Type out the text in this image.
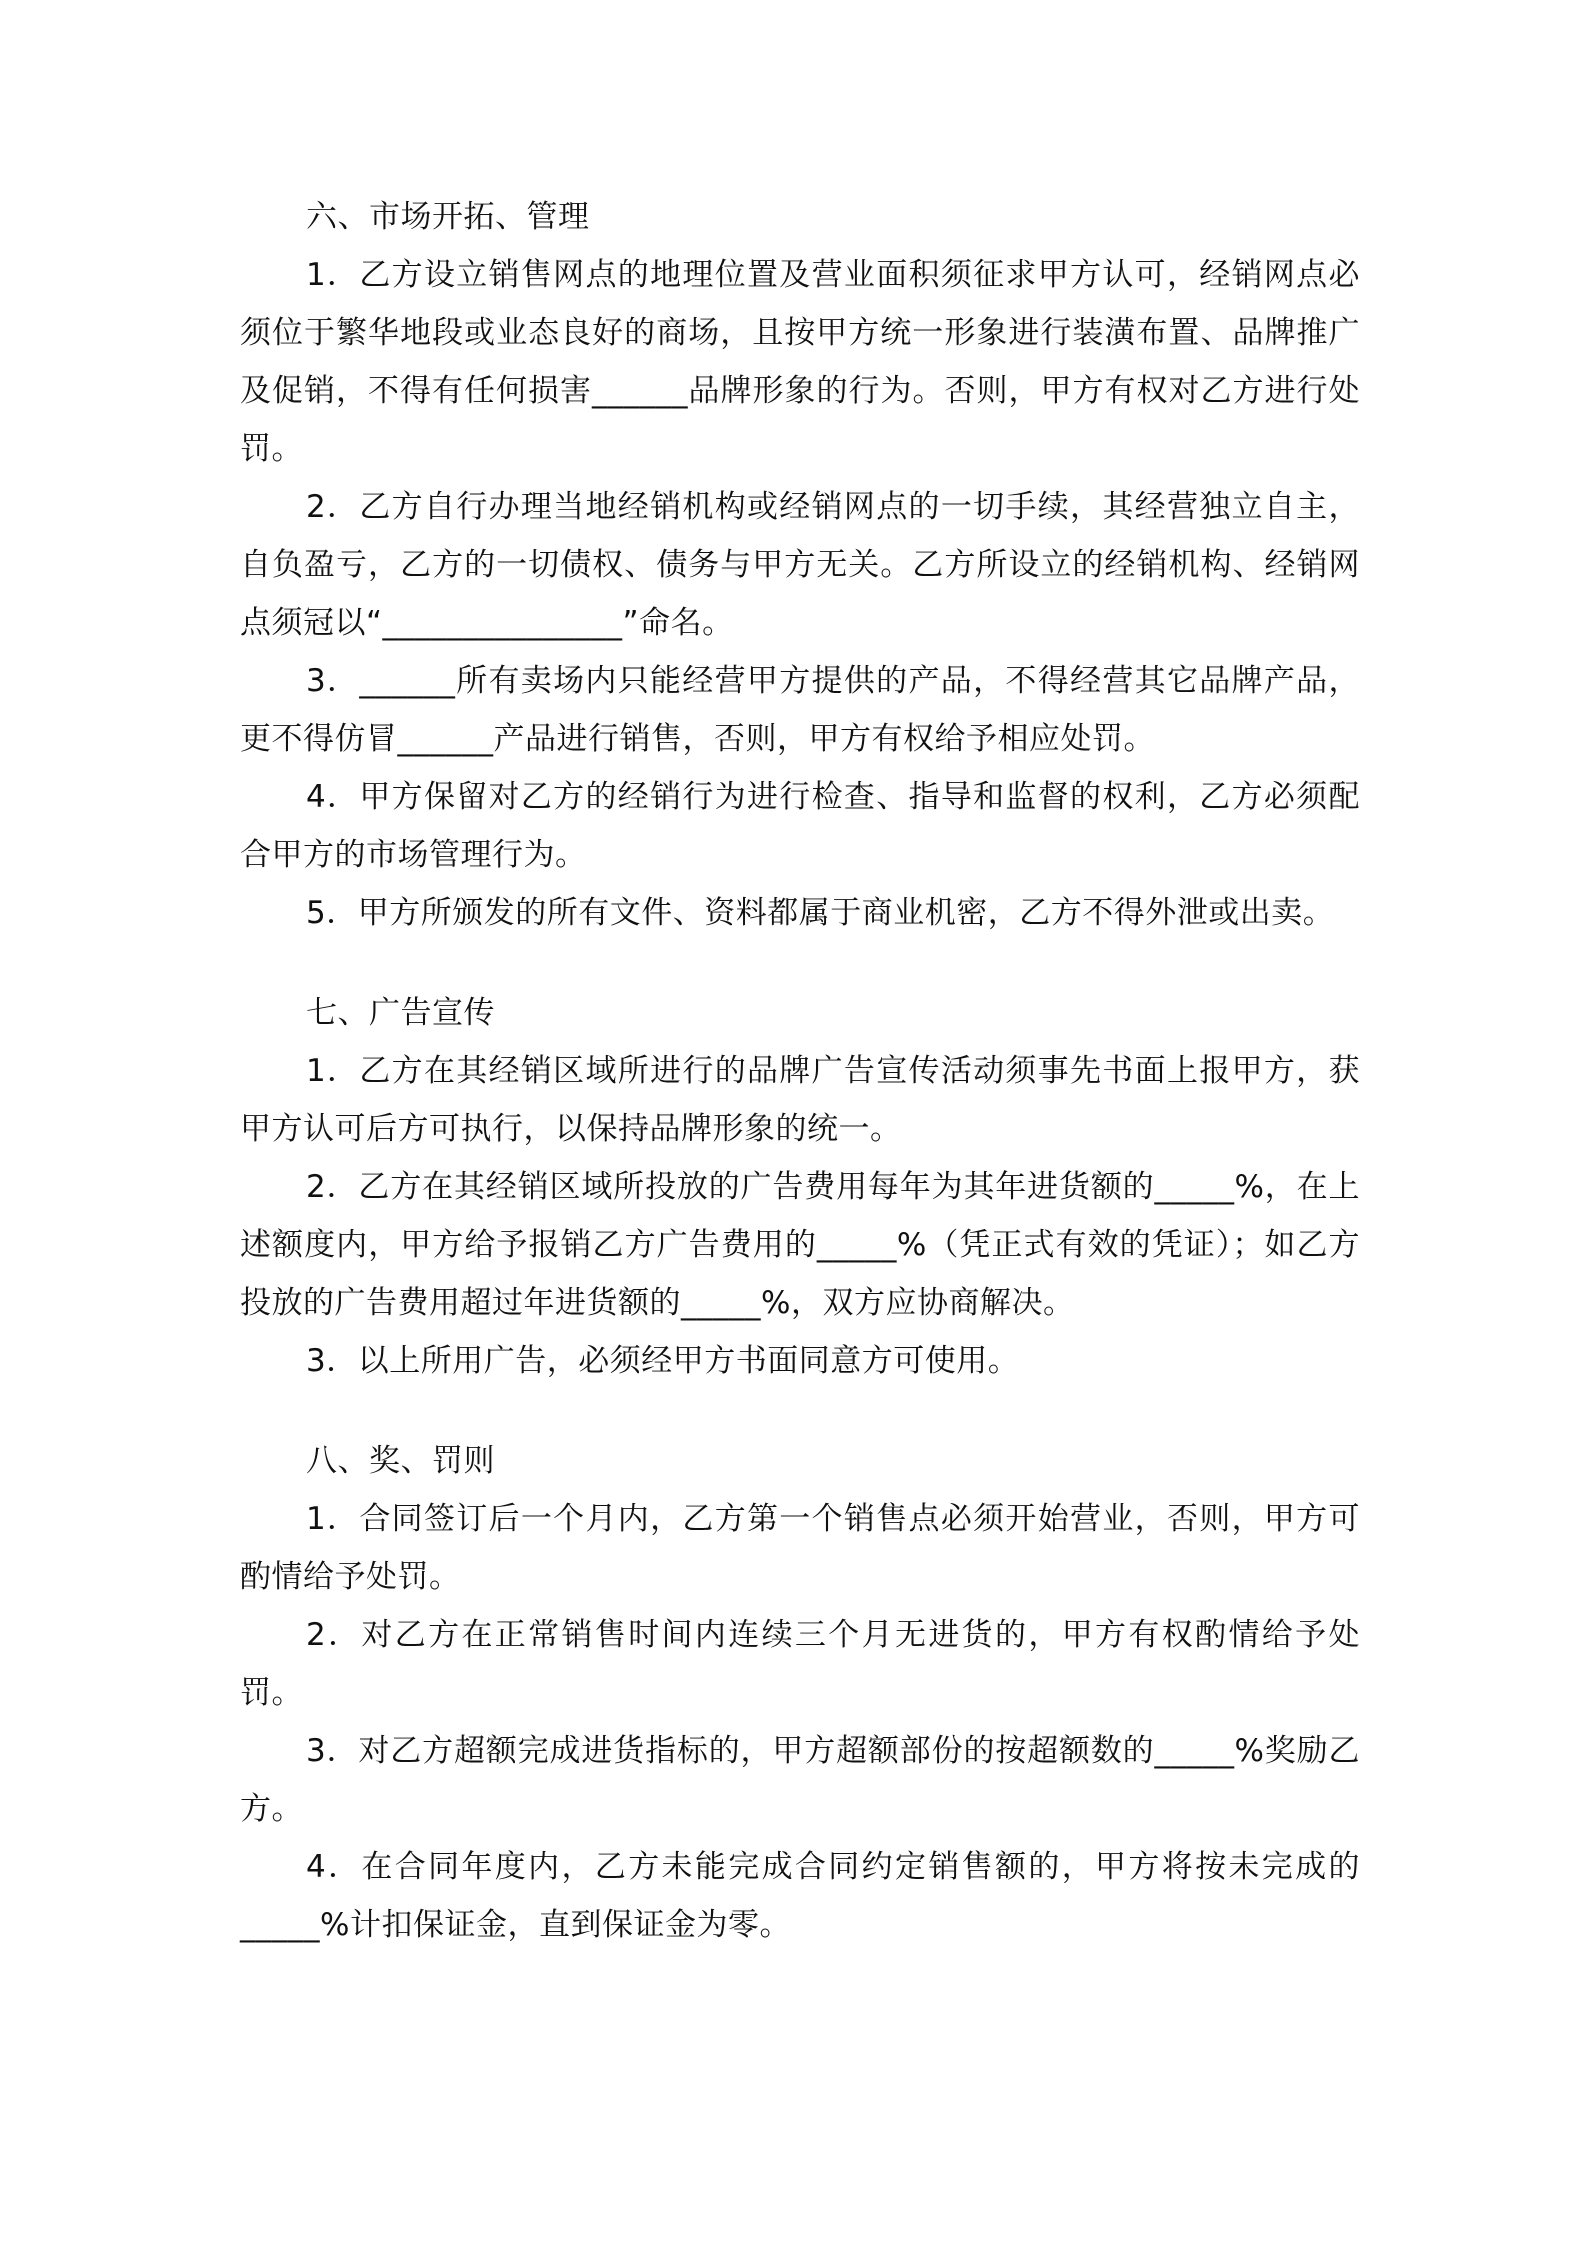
六、市场开拓、管理

1．乙方设立销售网点的地理位置及营业面积须征求甲方认可，经销网点必须位于繁华地段或业态良好的商场，且按甲方统一形象进行装潢布置、品牌推广及促销，不得有任何损害______品牌形象的行为。否则，甲方有权对乙方进行处罚。

2．乙方自行办理当地经销机构或经销网点的一切手续，其经营独立自主，自负盈亏，乙方的一切债权、债务与甲方无关。乙方所设立的经销机构、经销网点须冠以“_______________”命名。

3．______所有卖场内只能经营甲方提供的产品，不得经营其它品牌产品，更不得仿冒______产品进行销售，否则，甲方有权给予相应处罚。

4．甲方保留对乙方的经销行为进行检查、指导和监督的权利，乙方必须配合甲方的市场管理行为。

5．甲方所颁发的所有文件、资料都属于商业机密，乙方不得外泄或出卖。

七、广告宣传

1．乙方在其经销区域所进行的品牌广告宣传活动须事先书面上报甲方，获甲方认可后方可执行，以保持品牌形象的统一。

2．乙方在其经销区域所投放的广告费用每年为其年进货额的_____%，在上述额度内，甲方给予报销乙方广告费用的_____%（凭正式有效的凭证）；如乙方投放的广告费用超过年进货额的_____%，双方应协商解决。

3．以上所用广告，必须经甲方书面同意方可使用。

八、奖、罚则

1．合同签订后一个月内，乙方第一个销售点必须开始营业，否则，甲方可酌情给予处罚。

2．对乙方在正常销售时间内连续三个月无进货的，甲方有权酌情给予处罚。

3．对乙方超额完成进货指标的，甲方超额部份的按超额数的_____%奖励乙方。

4．在合同年度内，乙方未能完成合同约定销售额的，甲方将按未完成的_____%计扣保证金，直到保证金为零。
